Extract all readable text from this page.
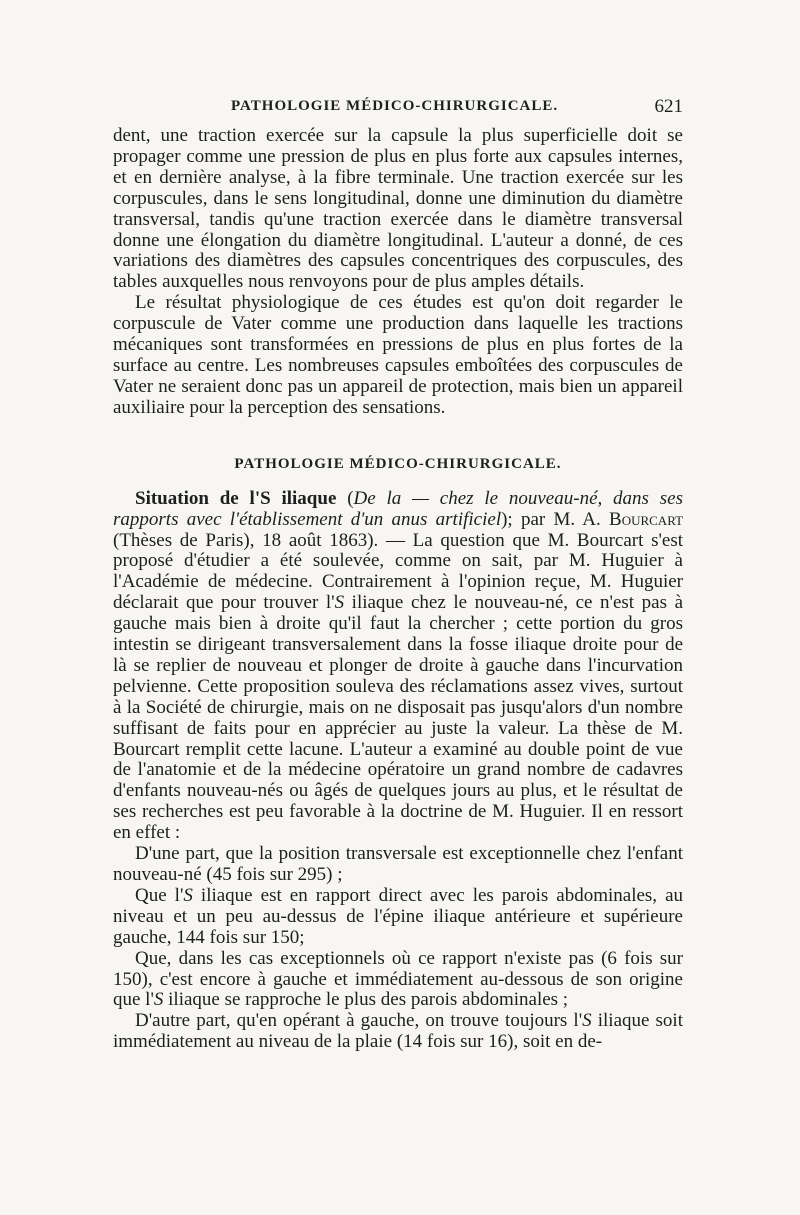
PATHOLOGIE MÉDICO-CHIRURGICALE.	621

dent, une traction exercée sur la capsule la plus superficielle doit se propager comme une pression de plus en plus forte aux capsules internes, et en dernière analyse, à la fibre terminale. Une traction exercée sur les corpuscules, dans le sens longitudinal, donne une diminution du diamètre transversal, tandis qu'une traction exercée dans le diamètre transversal donne une élongation du diamètre longitudinal. L'auteur a donné, de ces variations des diamètres des capsules concentriques des corpuscules, des tables auxquelles nous renvoyons pour de plus amples détails.

Le résultat physiologique de ces études est qu'on doit regarder le corpuscule de Vater comme une production dans laquelle les tractions mécaniques sont transformées en pressions de plus en plus fortes de la surface au centre. Les nombreuses capsules emboîtées des corpuscules de Vater ne seraient donc pas un appareil de protection, mais bien un appareil auxiliaire pour la perception des sensations.

PATHOLOGIE MÉDICO-CHIRURGICALE.

Situation de l'S iliaque (De la — chez le nouveau-né, dans ses rapports avec l'établissement d'un anus artificiel); par M. A. Bourcart (Thèses de Paris), 18 août 1863). — La question que M. Bourcart s'est proposé d'étudier a été soulevée, comme on sait, par M. Huguier à l'Académie de médecine. Contrairement à l'opinion reçue, M. Huguier déclarait que pour trouver l'S iliaque chez le nouveau-né, ce n'est pas à gauche mais bien à droite qu'il faut la chercher ; cette portion du gros intestin se dirigeant transversalement dans la fosse iliaque droite pour de là se replier de nouveau et plonger de droite à gauche dans l'incurvation pelvienne. Cette proposition souleva des réclamations assez vives, surtout à la Société de chirurgie, mais on ne disposait pas jusqu'alors d'un nombre suffisant de faits pour en apprécier au juste la valeur. La thèse de M. Bourcart remplit cette lacune. L'auteur a examiné au double point de vue de l'anatomie et de la médecine opératoire un grand nombre de cadavres d'enfants nouveau-nés ou âgés de quelques jours au plus, et le résultat de ses recherches est peu favorable à la doctrine de M. Huguier. Il en ressort en effet :

D'une part, que la position transversale est exceptionnelle chez l'enfant nouveau-né (45 fois sur 295) ;

Que l'S iliaque est en rapport direct avec les parois abdominales, au niveau et un peu au-dessus de l'épine iliaque antérieure et supérieure gauche, 144 fois sur 150;

Que, dans les cas exceptionnels où ce rapport n'existe pas (6 fois sur 150), c'est encore à gauche et immédiatement au-dessous de son origine que l'S iliaque se rapproche le plus des parois abdominales ;

D'autre part, qu'en opérant à gauche, on trouve toujours l'S iliaque soit immédiatement au niveau de la plaie (14 fois sur 16), soit en de-
